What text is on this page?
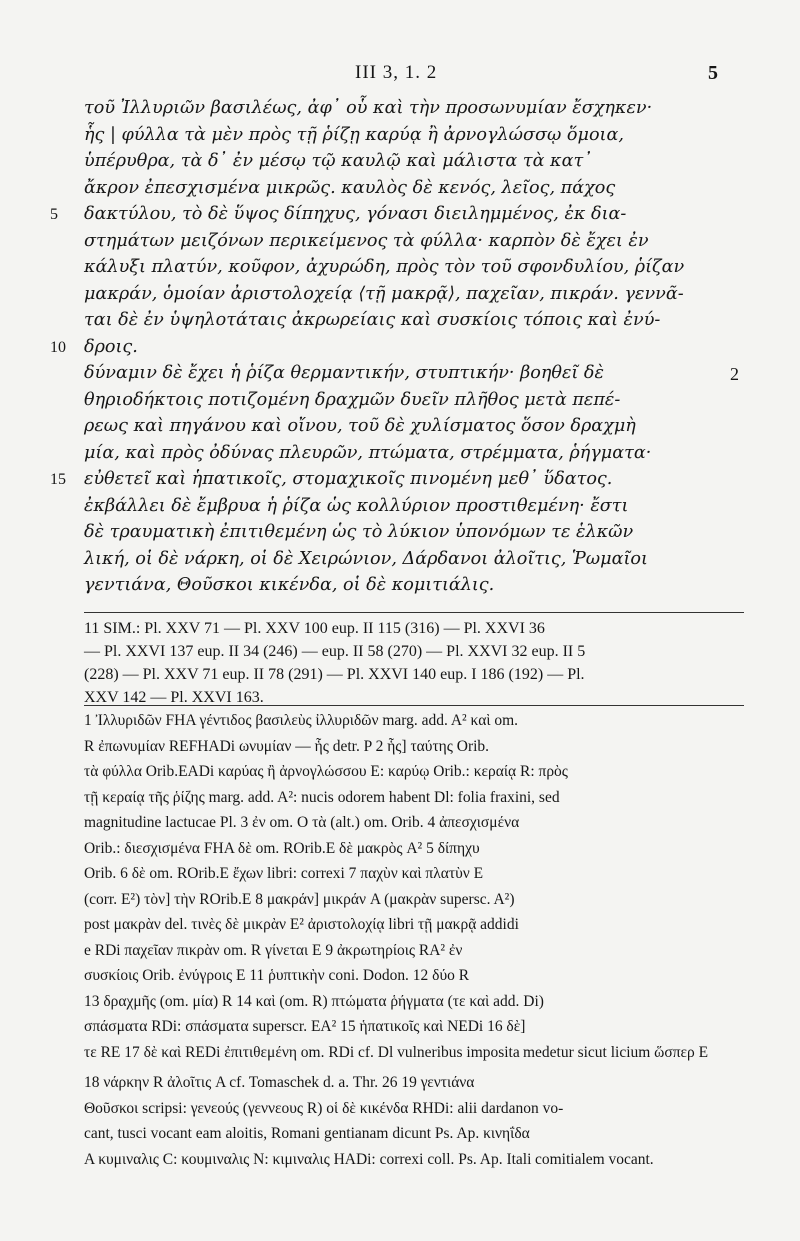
III 3, 1. 2	5
τοῦ Ἰλλυριῶν βασιλέως, ἀφ᾽ οὗ καὶ τὴν προσωνυμίαν ἔσχηκεν·
ἧς | φύλλα τὰ μὲν πρὸς τῇ ῥίζῃ καρύᾳ ἢ ἀρνογλώσσῳ ὅμοια,
ὑπέρυθρα, τὰ δ᾽ ἐν μέσῳ τῷ καυλῷ καὶ μάλιστα τὰ κατ᾽
ἄκρον ἐπεσχισμένα μικρῶς. καυλὸς δὲ κενός, λεῖος, πάχος
5 δακτύλου, τὸ δὲ ὕψος δίπηχυς, γόνασι διειλημμένος, ἐκ δια-
στημάτων μειζόνων περικείμενος τὰ φύλλα· καρπὸν δὲ ἔχει ἐν
κάλυξι πλατύν, κοῦφον, ἀχυρώδη, πρὸς τὸν τοῦ σφονδυλίου, ῥίζαν
μακράν, ὁμοίαν ἀριστολοχείᾳ ⟨τῇ μακρᾷ⟩, παχεῖαν, πικράν. γεννᾶ-
ται δὲ ἐν ὑψηλοτάταις ἀκρωρείαις καὶ συσκίοις τόποις καὶ ἐνύ-
10 δροις.
δύναμιν δὲ ἔχει ἡ ῥίζα θερμαντικήν, στυπτικήν· βοηθεῖ δὲ	2
θηριοδήκτοις ποτιζομένη δραχμῶν δυεῖν πλῆθος μετὰ πεπέ-
ρεως καὶ πηγάνου καὶ οἴνου, τοῦ δὲ χυλίσματος ὅσον δραχμὴ
μία, καὶ πρὸς ὀδύνας πλευρῶν, πτώματα, στρέμματα, ῥήγματα·
15 εὐθετεῖ καὶ ἡπατικοῖς, στομαχικοῖς πινομένη μεθ᾽ ὕδατος.
ἐκβάλλει δὲ ἔμβρυα ἡ ῥίζα ὡς κολλύριον προστιθεμένη· ἔστι
δὲ τραυματικὴ ἐπιτιθεμένη ὡς τὸ λύκιον ὑπονόμων τε ἑλκῶν
λική, οἱ δὲ νάρκη, οἱ δὲ Χειρώνιον, Δάρδανοι ἀλοῖτις, Ῥωμαῖοι
γεντιάνα, Θοῦσκοι κικένδα, οἱ δὲ κομιτιάλις.
11 SIM.: Pl. XXV 71 — Pl. XXV 100 eup. II 115 (316) — Pl. XXVI 36
— Pl. XXVI 137 eup. II 34 (246) — eup. II 58 (270) — Pl. XXVI 32 eup. II 5
(228) — Pl. XXV 71 eup. II 78 (291) — Pl. XXVI 140 eup. I 186 (192) — Pl.
XXV 142 — Pl. XXVI 163.
1 Ἰλλυριδῶν FHA γέντιδος βασιλεὺς ἰλλυριδῶν marg. add. A² καὶ om.R ἐπωνυμίαν REFHADi ωνυμίαν — ἧς detr. P 2 ἧς] ταύτης Orib.τὰ φύλλα Orib.EADi καρύας ἢ ἀρνογλώσσου E: καρύῳ Orib.: κεραίᾳ R: πρὸςτῇ κεραίᾳ τῆς ῥίζης marg. add. A²: nucis odorem habent Dl: folia fraxini, sedmagnitudine lactucae Pl. 3 ἐν om. O τὰ (alt.) om. Orib. 4 ἀπεσχισμέναOrib.: διεσχισμένα FHA δὲ om. ROrib.E δὲ μακρὸς A² 5 δίπηχυOrib. 6 δὲ om. ROrib.E ἔχων libri: correxi 7 παχὺν καὶ πλατὺν E(corr. E²) τὸν] τὴν ROrib.E 8 μακράν] μικράν A (μακρὰν supersc. A²)post μακρὰν del. τινὲς δὲ μικρὰν E² ἀριστολοχίᾳ libri τῇ μακρᾷ addidie RDi παχεῖαν πικρὰν om. R γίνεται E 9 ἀκρωτηρίοις RA² ἐνσυσκίοις Orib. ἐνύγροις E 11 ῥυπτικὴν coni. Dodon. 12 δύο R13 δραχμῆς (om. μία) R 14 καὶ (om. R) πτώματα ῥήγματα (τε καὶ add. Di)σπάσματα RDi: σπάσματα superscr. EA² 15 ἡπατικοῖς καὶ NEDi 16 δὲ]τε RE 17 δὲ καὶ REDi ἐπιτιθεμένη om. RDi cf. Dl vulneribus imposita medetur sicut licium ὥσπερ E18 νάρκην R ἀλοῖτις A cf. Tomaschek d. a. Thr. 26 19 γεντιάναΘοῦσκοι scripsi: γενεούς (γεννεους R) οἱ δὲ κικένδα RHDi: alii dardanon vo-cant, tusci vocant eam aloitis, Romani gentianam dicunt Ps. Ap. κινηΐδαA κυμιναλις C: κουμιναλις N: κιμιναλις HADi: correxi coll. Ps. Ap. Itali comitialem vocant.
